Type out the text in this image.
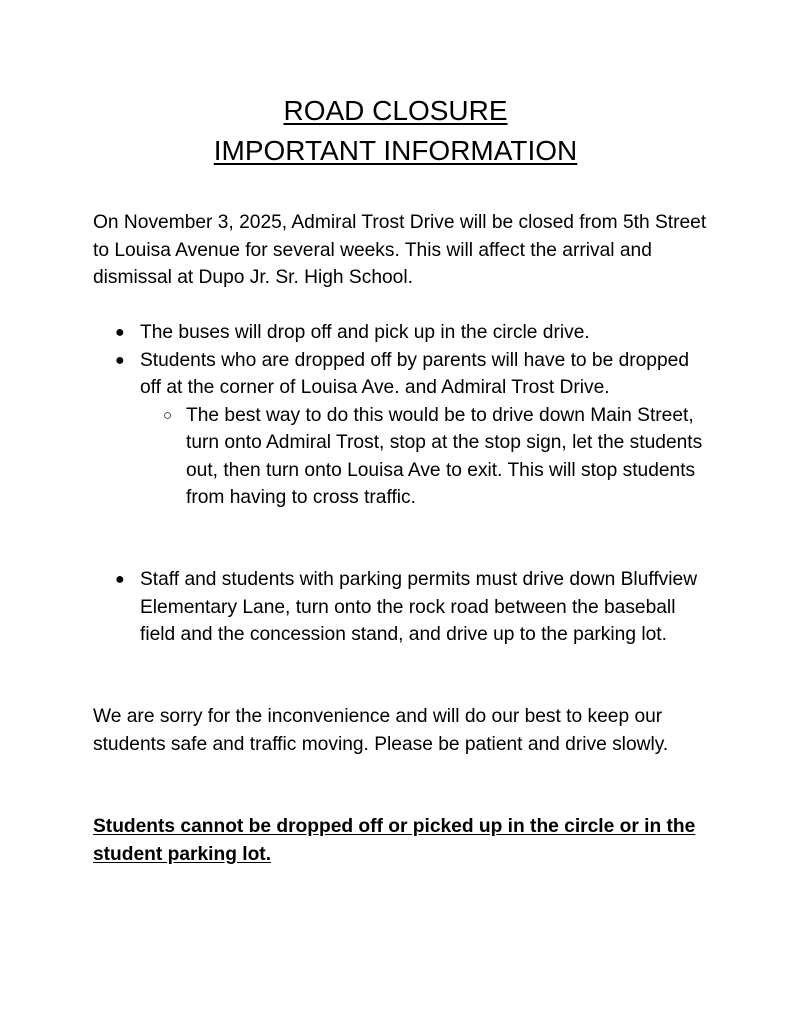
ROAD CLOSURE
IMPORTANT INFORMATION
On November 3, 2025, Admiral Trost Drive will be closed from 5th Street to Louisa Avenue for several weeks. This will affect the arrival and dismissal at Dupo Jr. Sr. High School.
● The buses will drop off and pick up in the circle drive.
● Students who are dropped off by parents will have to be dropped off at the corner of Louisa Ave. and Admiral Trost Drive.
○ The best way to do this would be to drive down Main Street, turn onto Admiral Trost, stop at the stop sign, let the students out, then turn onto Louisa Ave to exit. This will stop students from having to cross traffic.
● Staff and students with parking permits must drive down Bluffview Elementary Lane, turn onto the rock road between the baseball field and the concession stand, and drive up to the parking lot.
We are sorry for the inconvenience and will do our best to keep our students safe and traffic moving. Please be patient and drive slowly.
Students cannot be dropped off or picked up in the circle or in the student parking lot.
